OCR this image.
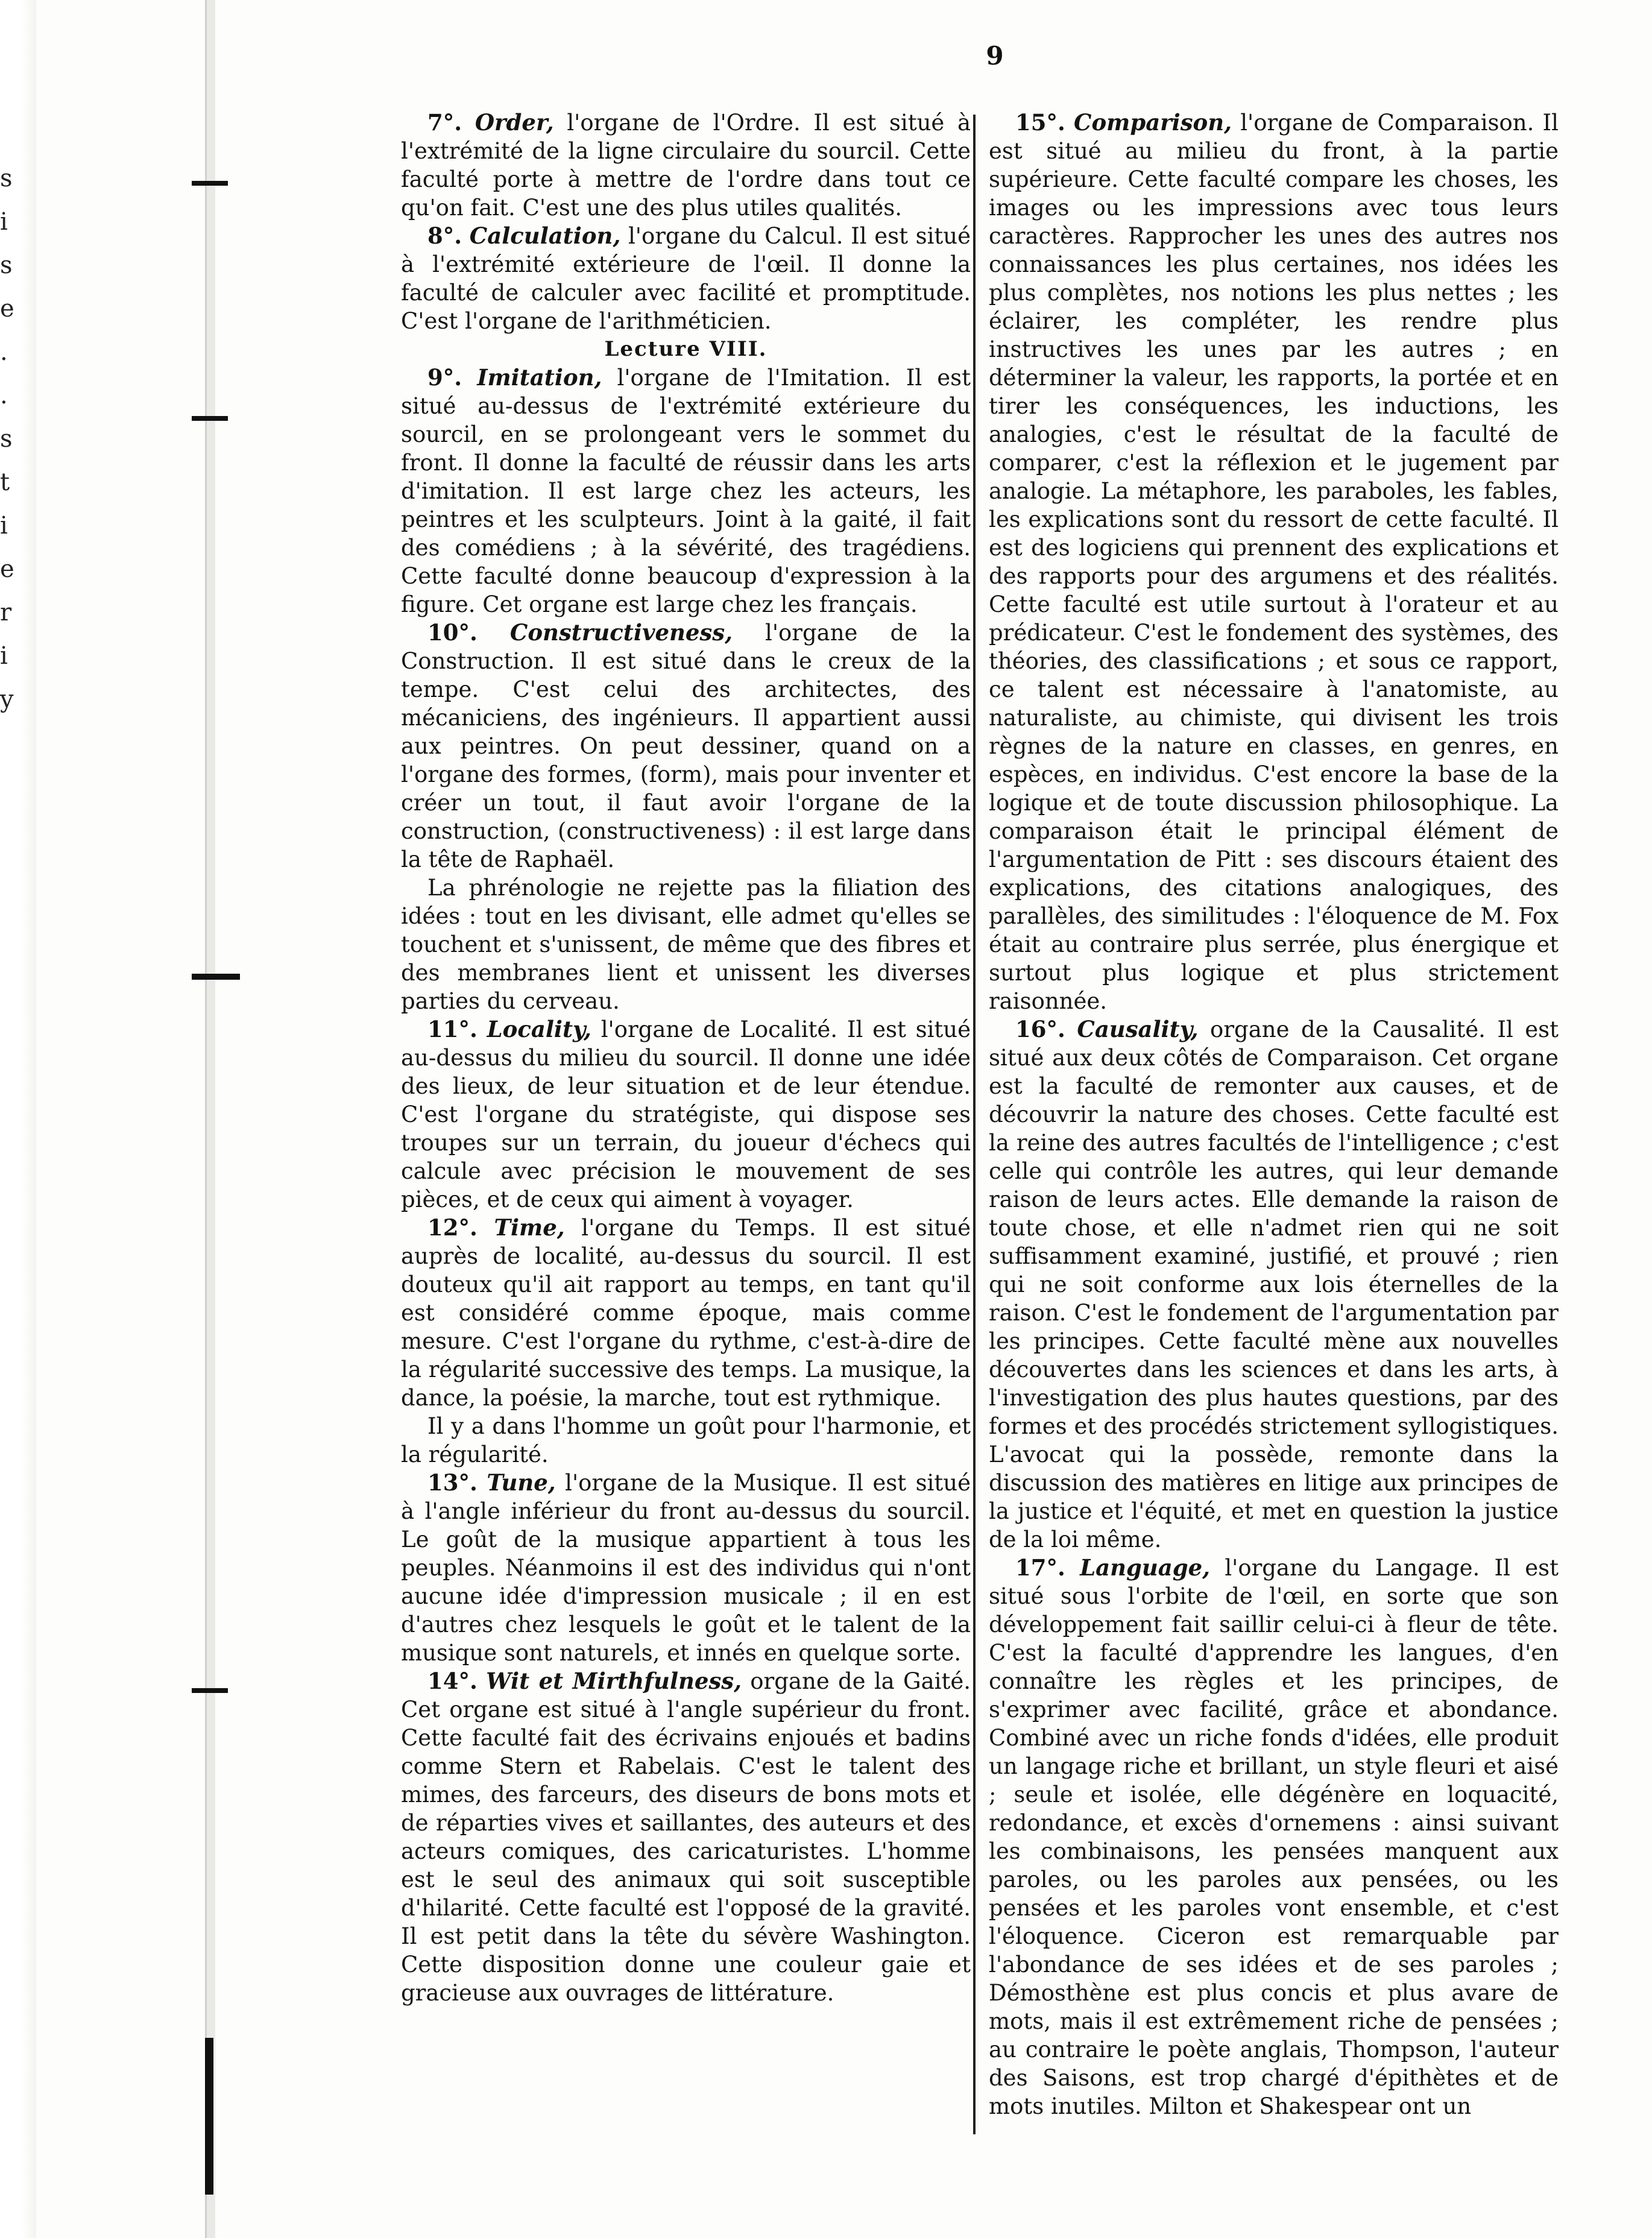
s
i
s
e
.
.
s
t
i
e
r
i
y
9

7°. Order, l'organe de l'Ordre. Il est situé à l'extrémité de la ligne circulaire du sourcil. Cette faculté porte à mettre de l'ordre dans tout ce qu'on fait. C'est une des plus utiles qualités.

8°. Calculation, l'organe du Calcul. Il est situé à l'extrémité extérieure de l'œil. Il donne la faculté de calculer avec facilité et promptitude. C'est l'organe de l'arithméticien.

Lecture VIII.

9°. Imitation, l'organe de l'Imitation. Il est situé au-dessus de l'extrémité extérieure du sourcil, en se prolongeant vers le sommet du front. Il donne la faculté de réussir dans les arts d'imitation. Il est large chez les acteurs, les peintres et les sculpteurs. Joint à la gaité, il fait des comédiens ; à la sévérité, des tragédiens. Cette faculté donne beaucoup d'expression à la figure. Cet organe est large chez les français.

10°. Constructiveness, l'organe de la Construction. Il est situé dans le creux de la tempe. C'est celui des architectes, des mécaniciens, des ingénieurs. Il appartient aussi aux peintres. On peut dessiner, quand on a l'organe des formes, (form), mais pour inventer et créer un tout, il faut avoir l'organe de la construction, (constructiveness) : il est large dans la tête de Raphaël.

La phrénologie ne rejette pas la filiation des idées : tout en les divisant, elle admet qu'elles se touchent et s'unissent, de même que des fibres et des membranes lient et unissent les diverses parties du cerveau.

11°. Locality, l'organe de Localité. Il est situé au-dessus du milieu du sourcil. Il donne une idée des lieux, de leur situation et de leur étendue. C'est l'organe du stratégiste, qui dispose ses troupes sur un terrain, du joueur d'échecs qui calcule avec précision le mouvement de ses pièces, et de ceux qui aiment à voyager.

12°. Time, l'organe du Temps. Il est situé auprès de localité, au-dessus du sourcil. Il est douteux qu'il ait rapport au temps, en tant qu'il est considéré comme époque, mais comme mesure. C'est l'organe du rythme, c'est-à-dire de la régularité successive des temps. La musique, la dance, la poésie, la marche, tout est rythmique.

Il y a dans l'homme un goût pour l'harmonie, et la régularité.

13°. Tune, l'organe de la Musique. Il est situé à l'angle inférieur du front au-dessus du sourcil. Le goût de la musique appartient à tous les peuples. Néanmoins il est des individus qui n'ont aucune idée d'impression musicale ; il en est d'autres chez lesquels le goût et le talent de la musique sont naturels, et innés en quelque sorte.

14°. Wit et Mirthfulness, organe de la Gaité. Cet organe est situé à l'angle supérieur du front. Cette faculté fait des écrivains enjoués et badins comme Stern et Rabelais. C'est le talent des mimes, des farceurs, des diseurs de bons mots et de réparties vives et saillantes, des auteurs et des acteurs comiques, des caricaturistes. L'homme est le seul des animaux qui soit susceptible d'hilarité. Cette faculté est l'opposé de la gravité. Il est petit dans la tête du sévère Washington. Cette disposition donne une couleur gaie et gracieuse aux ouvrages de littérature.

15°. Comparison, l'organe de Comparaison. Il est situé au milieu du front, à la partie supérieure. Cette faculté compare les choses, les images ou les impressions avec tous leurs caractères. Rapprocher les unes des autres nos connaissances les plus certaines, nos idées les plus complètes, nos notions les plus nettes ; les éclairer, les compléter, les rendre plus instructives les unes par les autres ; en déterminer la valeur, les rapports, la portée et en tirer les conséquences, les inductions, les analogies, c'est le résultat de la faculté de comparer, c'est la réflexion et le jugement par analogie. La métaphore, les paraboles, les fables, les explications sont du ressort de cette faculté. Il est des logiciens qui prennent des explications et des rapports pour des argumens et des réalités. Cette faculté est utile surtout à l'orateur et au prédicateur. C'est le fondement des systèmes, des théories, des classifications ; et sous ce rapport, ce talent est nécessaire à l'anatomiste, au naturaliste, au chimiste, qui divisent les trois règnes de la nature en classes, en genres, en espèces, en individus. C'est encore la base de la logique et de toute discussion philosophique. La comparaison était le principal élément de l'argumentation de Pitt : ses discours étaient des explications, des citations analogiques, des parallèles, des similitudes : l'éloquence de M. Fox était au contraire plus serrée, plus énergique et surtout plus logique et plus strictement raisonnée.

16°. Causality, organe de la Causalité. Il est situé aux deux côtés de Comparaison. Cet organe est la faculté de remonter aux causes, et de découvrir la nature des choses. Cette faculté est la reine des autres facultés de l'intelligence ; c'est celle qui contrôle les autres, qui leur demande raison de leurs actes. Elle demande la raison de toute chose, et elle n'admet rien qui ne soit suffisamment examiné, justifié, et prouvé ; rien qui ne soit conforme aux lois éternelles de la raison. C'est le fondement de l'argumentation par les principes. Cette faculté mène aux nouvelles découvertes dans les sciences et dans les arts, à l'investigation des plus hautes questions, par des formes et des procédés strictement syllogistiques. L'avocat qui la possède, remonte dans la discussion des matières en litige aux principes de la justice et l'équité, et met en question la justice de la loi même.

17°. Language, l'organe du Langage. Il est situé sous l'orbite de l'œil, en sorte que son développement fait saillir celui-ci à fleur de tête. C'est la faculté d'apprendre les langues, d'en connaître les règles et les principes, de s'exprimer avec facilité, grâce et abondance. Combiné avec un riche fonds d'idées, elle produit un langage riche et brillant, un style fleuri et aisé ; seule et isolée, elle dégénère en loquacité, redondance, et excès d'ornemens : ainsi suivant les combinaisons, les pensées manquent aux paroles, ou les paroles aux pensées, ou les pensées et les paroles vont ensemble, et c'est l'éloquence. Ciceron est remarquable par l'abondance de ses idées et de ses paroles ; Démosthène est plus concis et plus avare de mots, mais il est extrêmement riche de pensées ; au contraire le poète anglais, Thompson, l'auteur des Saisons, est trop chargé d'épithètes et de mots inutiles. Milton et Shakespear ont un
